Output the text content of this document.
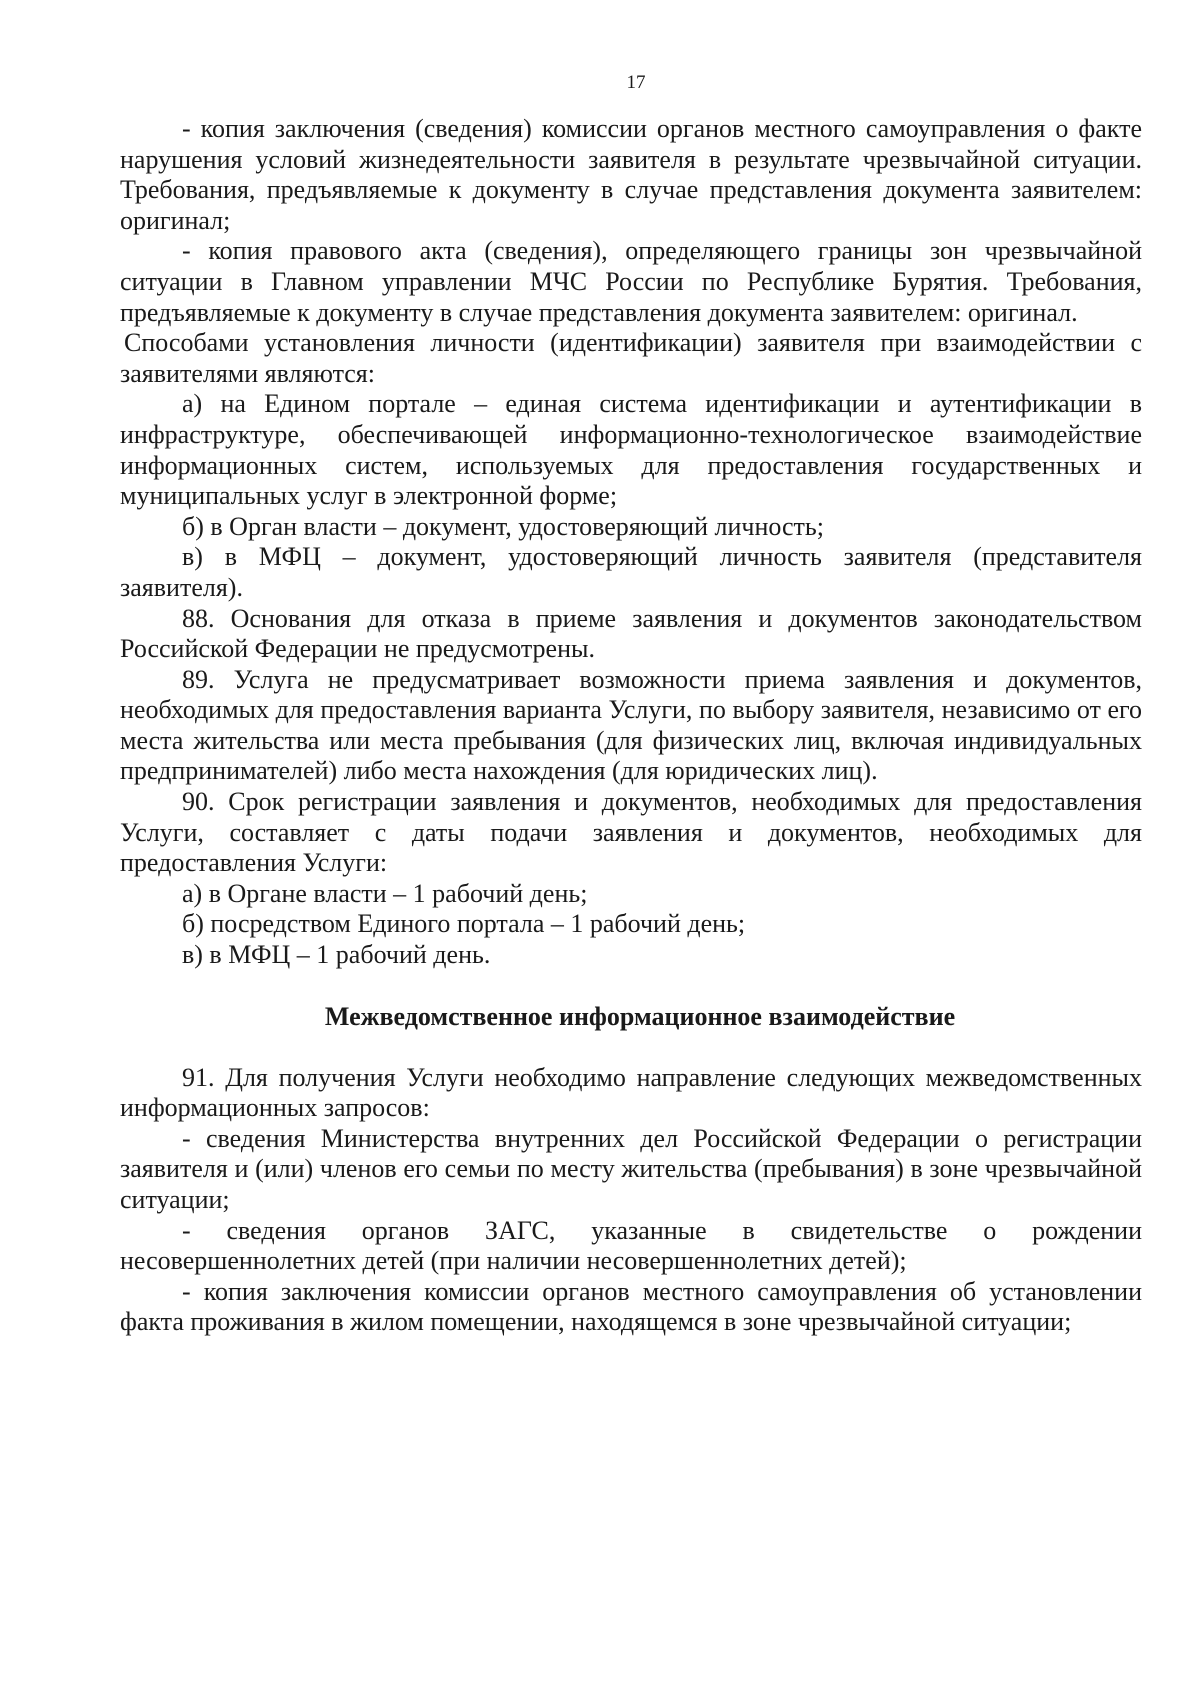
17

- копия заключения (сведения) комиссии органов местного самоуправления о факте нарушения условий жизнедеятельности заявителя в результате чрезвычайной ситуации. Требования, предъявляемые к документу в случае представления документа заявителем: оригинал;

- копия правового акта (сведения), определяющего границы зон чрезвычайной ситуации в Главном управлении МЧС России по Республике Бурятия. Требования, предъявляемые к документу в случае представления документа заявителем: оригинал.

Способами установления личности (идентификации) заявителя при взаимодействии с заявителями являются:

а) на Едином портале – единая система идентификации и аутентификации в инфраструктуре, обеспечивающей информационно-технологическое взаимодействие информационных систем, используемых для предоставления государственных и муниципальных услуг в электронной форме;

б) в Орган власти – документ, удостоверяющий личность;

в) в МФЦ – документ, удостоверяющий личность заявителя (представителя заявителя).

88. Основания для отказа в приеме заявления и документов законодательством Российской Федерации не предусмотрены.

89. Услуга не предусматривает возможности приема заявления и документов, необходимых для предоставления варианта Услуги, по выбору заявителя, независимо от его места жительства или места пребывания (для физических лиц, включая индивидуальных предпринимателей) либо места нахождения (для юридических лиц).

90. Срок регистрации заявления и документов, необходимых для предоставления Услуги, составляет с даты подачи заявления и документов, необходимых для предоставления Услуги:

а) в Органе власти – 1 рабочий день;

б) посредством Единого портала – 1 рабочий день;

в) в МФЦ – 1 рабочий день.

Межведомственное информационное взаимодействие

91. Для получения Услуги необходимо направление следующих межведомственных информационных запросов:

- сведения Министерства внутренних дел Российской Федерации о регистрации заявителя и (или) членов его семьи по месту жительства (пребывания) в зоне чрезвычайной ситуации;

- сведения органов ЗАГС, указанные в свидетельстве о рождении несовершеннолетних детей (при наличии несовершеннолетних детей);

- копия заключения комиссии органов местного самоуправления об установлении факта проживания в жилом помещении, находящемся в зоне чрезвычайной ситуации;
